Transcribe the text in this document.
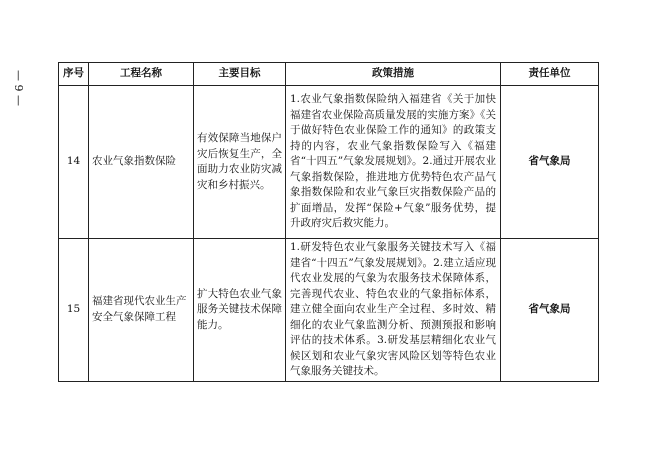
— 9 —	序号	工程名称	主要目标	政策措施	责任单位
14	农业气象指数保险	有效保障当地保户灾后恢复生产，全面助力农业防灾减灾和乡村振兴。	1.农业气象指数保险纳入福建省《关于加快福建省农业保险高质量发展的实施方案》《关于做好特色农业保险工作的通知》的政策支持的内容，农业气象指数保险写入《福建省“十四五”气象发展规划》。2.通过开展农业气象指数保险，推进地方优势特色农产品气象指数保险和农业气象巨灾指数保险产品的扩面增品，发挥“保险+气象”服务优势，提升政府灾后救灾能力。	省气象局
15	福建省现代农业生产安全气象保障工程	扩大特色农业气象服务关键技术保障能力。	1.研发特色农业气象服务关键技术写入《福建省“十四五”气象发展规划》。2.建立适应现代农业发展的气象为农服务技术保障体系，完善现代农业、特色农业的气象指标体系，建立健全面向农业生产全过程、多时效、精细化的农业气象监测分析、预测预报和影响评估的技术体系。3.研发基层精细化农业气候区划和农业气象灾害风险区划等特色农业气象服务关键技术。	省气象局
